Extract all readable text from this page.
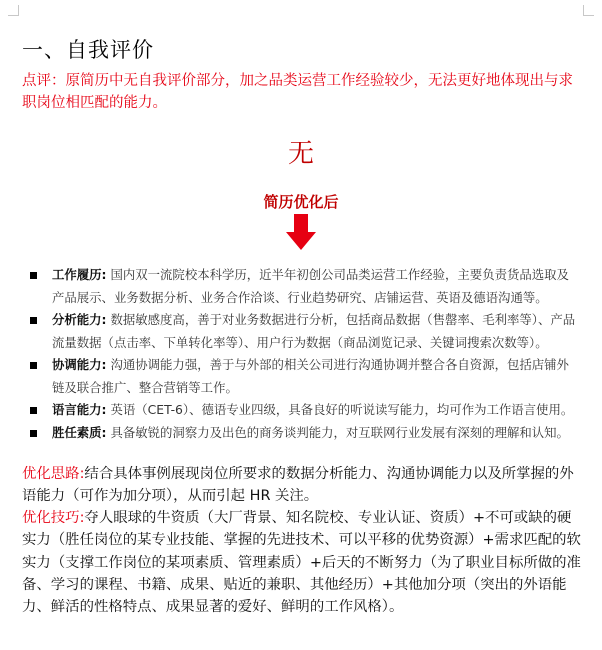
一、自我评价

点评：原简历中无自我评价部分，加之品类运营工作经验较少，无法更好地体现出与求职岗位相匹配的能力。

无
简历优化后
工作履历: 国内双一流院校本科学历，近半年初创公司品类运营工作经验，主要负责货品选取及产品展示、业务数据分析、业务合作洽谈、行业趋势研究、店铺运营、英语及德语沟通等。
分析能力: 数据敏感度高，善于对业务数据进行分析，包括商品数据（售罄率、毛利率等）、产品流量数据（点击率、下单转化率等）、用户行为数据（商品浏览记录、关键词搜索次数等）。
协调能力: 沟通协调能力强，善于与外部的相关公司进行沟通协调并整合各自资源，包括店铺外链及联合推广、整合营销等工作。
语言能力: 英语（CET-6）、德语专业四级，具备良好的听说读写能力，均可作为工作语言使用。
胜任素质: 具备敏锐的洞察力及出色的商务谈判能力，对互联网行业发展有深刻的理解和认知。

优化思路:结合具体事例展现岗位所要求的数据分析能力、沟通协调能力以及所掌握的外语能力（可作为加分项），从而引起 HR 关注。

优化技巧:夺人眼球的牛资质（大厂背景、知名院校、专业认证、资质）+不可或缺的硬实力（胜任岗位的某专业技能、掌握的先进技术、可以平移的优势资源）+需求匹配的软实力（支撑工作岗位的某项素质、管理素质）+后天的不断努力（为了职业目标所做的准备、学习的课程、书籍、成果、贴近的兼职、其他经历）+其他加分项（突出的外语能力、鲜活的性格特点、成果显著的爱好、鲜明的工作风格）。
